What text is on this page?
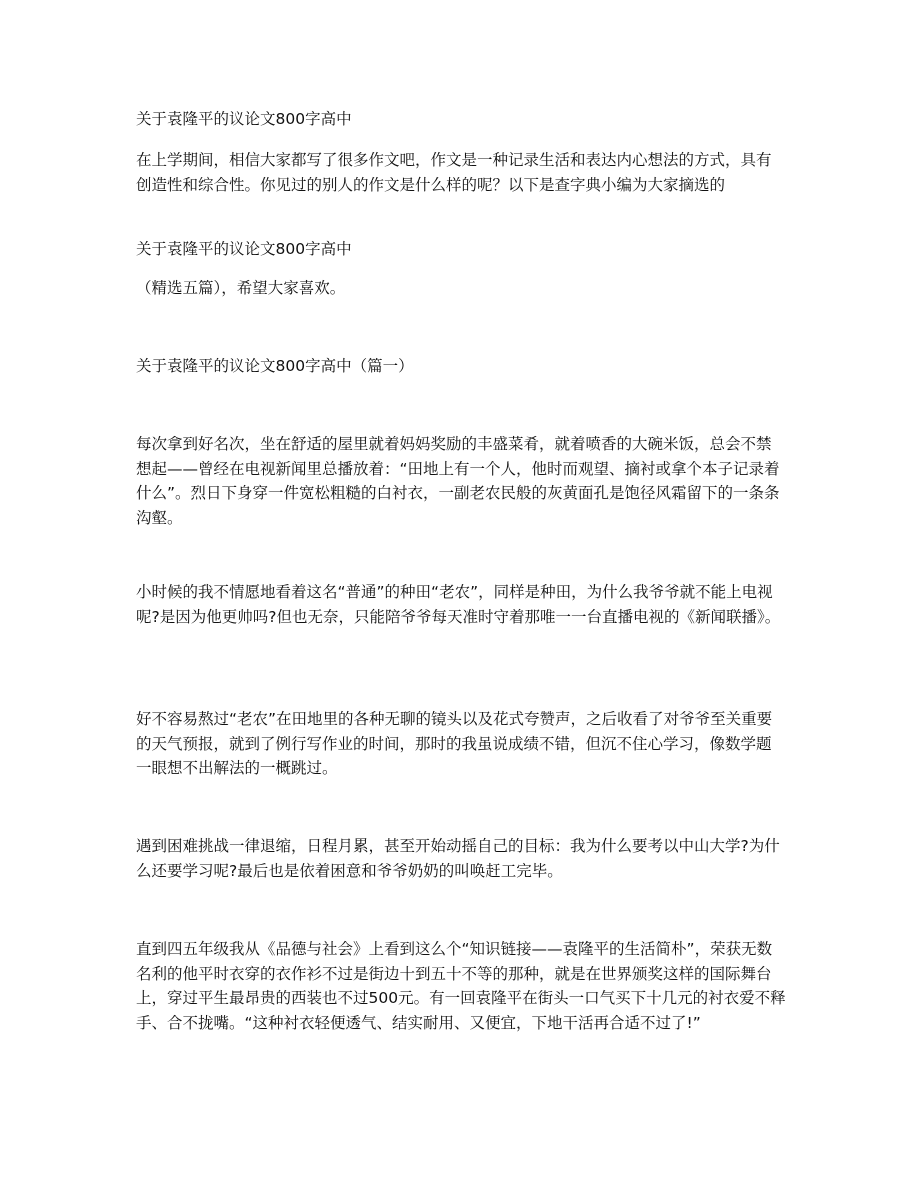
关于袁隆平的议论文800字高中

在上学期间，相信大家都写了很多作文吧，作文是一种记录生活和表达内心想法的方式，具有创造性和综合性。你见过的别人的作文是什么样的呢？以下是查字典小编为大家摘选的

关于袁隆平的议论文800字高中

（精选五篇），希望大家喜欢。

关于袁隆平的议论文800字高中（篇一）

每次拿到好名次，坐在舒适的屋里就着妈妈奖励的丰盛菜肴，就着喷香的大碗米饭，总会不禁想起——曾经在电视新闻里总播放着：“田地上有一个人，他时而观望、摘衬或拿个本子记录着什么”。烈日下身穿一件宽松粗糙的白衬衣，一副老农民般的灰黄面孔是饱径风霜留下的一条条沟壑。

小时候的我不情愿地看着这名“普通”的种田“老农”，同样是种田，为什么我爷爷就不能上电视呢?是因为他更帅吗?但也无奈，只能陪爷爷每天准时守着那唯一一台直播电视的《新闻联播》。

好不容易熬过“老农”在田地里的各种无聊的镜头以及花式夸赞声，之后收看了对爷爷至关重要的天气预报，就到了例行写作业的时间，那时的我虽说成绩不错，但沉不住心学习，像数学题一眼想不出解法的一概跳过。

遇到困难挑战一律退缩，日程月累，甚至开始动摇自己的目标：我为什么要考以中山大学?为什么还要学习呢?最后也是依着困意和爷爷奶奶的叫唤赶工完毕。

直到四五年级我从《品德与社会》上看到这么个“知识链接——袁隆平的生活简朴”，荣获无数名利的他平时衣穿的衣作衫不过是街边十到五十不等的那种，就是在世界颁奖这样的国际舞台上，穿过平生最昂贵的西装也不过500元。有一回袁隆平在街头一口气买下十几元的衬衣爱不释手、合不拢嘴。“这种衬衣轻便透气、结实耐用、又便宜，下地干活再合适不过了!”
